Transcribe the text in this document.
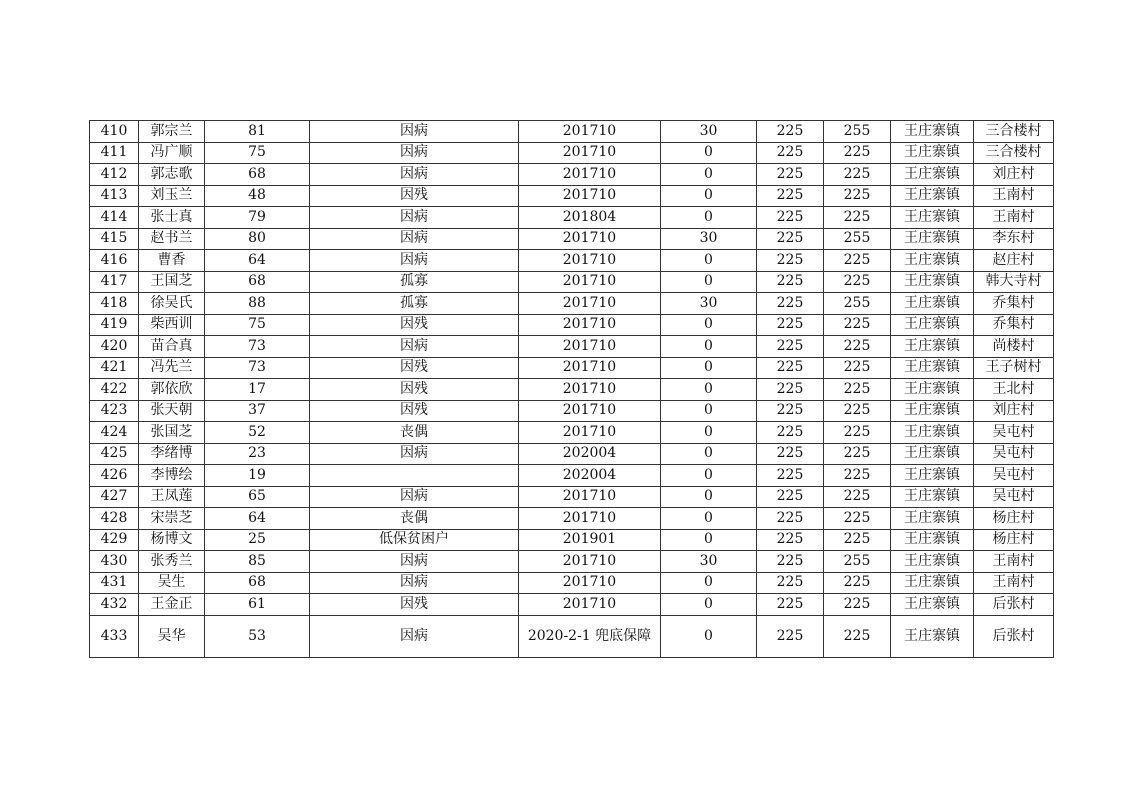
410	郭宗兰	81	因病	201710	30	225	255	王庄寨镇	三合楼村
411	冯广顺	75	因病	201710	0	225	225	王庄寨镇	三合楼村
412	郭志歌	68	因病	201710	0	225	225	王庄寨镇	刘庄村
413	刘玉兰	48	因残	201710	0	225	225	王庄寨镇	王南村
414	张士真	79	因病	201804	0	225	225	王庄寨镇	王南村
415	赵书兰	80	因病	201710	30	225	255	王庄寨镇	李东村
416	曹香	64	因病	201710	0	225	225	王庄寨镇	赵庄村
417	王国芝	68	孤寡	201710	0	225	225	王庄寨镇	韩大寺村
418	徐吴氏	88	孤寡	201710	30	225	255	王庄寨镇	乔集村
419	柴西训	75	因残	201710	0	225	225	王庄寨镇	乔集村
420	苗合真	73	因病	201710	0	225	225	王庄寨镇	尚楼村
421	冯先兰	73	因残	201710	0	225	225	王庄寨镇	王子树村
422	郭依欣	17	因残	201710	0	225	225	王庄寨镇	王北村
423	张天朝	37	因残	201710	0	225	225	王庄寨镇	刘庄村
424	张国芝	52	丧偶	201710	0	225	225	王庄寨镇	吴屯村
425	李绪博	23	因病	202004	0	225	225	王庄寨镇	吴屯村
426	李博绘	19		202004	0	225	225	王庄寨镇	吴屯村
427	王凤莲	65	因病	201710	0	225	225	王庄寨镇	吴屯村
428	宋崇芝	64	丧偶	201710	0	225	225	王庄寨镇	杨庄村
429	杨博文	25	低保贫困户	201901	0	225	225	王庄寨镇	杨庄村
430	张秀兰	85	因病	201710	30	225	255	王庄寨镇	王南村
431	吴生	68	因病	201710	0	225	225	王庄寨镇	王南村
432	王金正	61	因残	201710	0	225	225	王庄寨镇	后张村
433	吴华	53	因病	2020-2-1 兜底保障	0	225	225	王庄寨镇	后张村
